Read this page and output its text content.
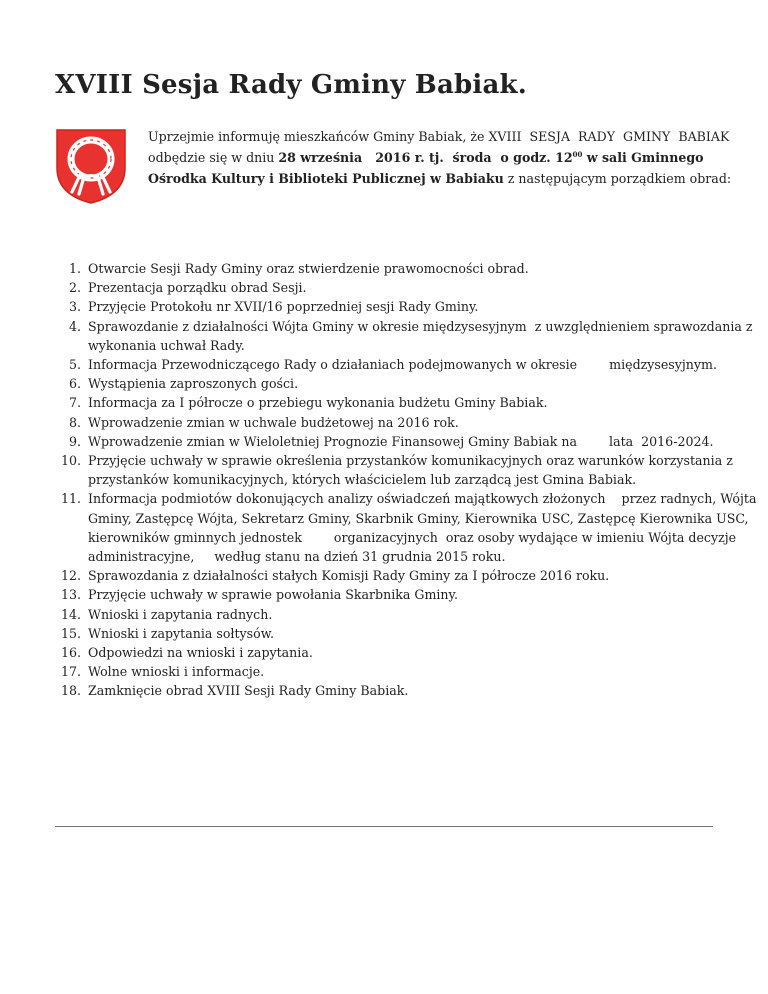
XVIII Sesja Rady Gminy Babiak.
Uprzejmie informuję mieszkańców Gminy Babiak, że XVIII  SESJA  RADY  GMINY  BABIAK
odbędzie się w dniu 28 września   2016 r. tj.  środa  o godz. $12^{00}$ w sali Gminnego
Ośrodka Kultury i Biblioteki Publicznej w Babiaku z następującym porządkiem obrad:
1. Otwarcie Sesji Rady Gminy oraz stwierdzenie prawomocności obrad.
2. Prezentacja porządku obrad Sesji.
3. Przyjęcie Protokołu nr XVII/16 poprzedniej sesji Rady Gminy.
4. Sprawozdanie z działalności Wójta Gminy w okresie międzysesyjnym  z uwzględnieniem sprawozdania z
wykonania uchwał Rady.
5. Informacja Przewodniczącego Rady o działaniach podejmowanych w okresie        międzysesyjnym.
6. Wystąpienia zaproszonych gości.
7. Informacja za I półrocze o przebiegu wykonania budżetu Gminy Babiak.
8. Wprowadzenie zmian w uchwale budżetowej na 2016 rok.
9. Wprowadzenie zmian w Wieloletniej Prognozie Finansowej Gminy Babiak na        lata  2016-2024.
10. Przyjęcie uchwały w sprawie określenia przystanków komunikacyjnych oraz warunków korzystania z
przystanków komunikacyjnych, których właścicielem lub zarządcą jest Gmina Babiak.
11. Informacja podmiotów dokonujących analizy oświadczeń majątkowych złożonych    przez radnych, Wójta
Gminy, Zastępcę Wójta, Sekretarz Gminy, Skarbnik Gminy, Kierownika USC, Zastępcę Kierownika USC,
kierowników gminnych jednostek        organizacyjnych  oraz osoby wydające w imieniu Wójta decyzje
administracyjne,     według stanu na dzień 31 grudnia 2015 roku.
12. Sprawozdania z działalności stałych Komisji Rady Gminy za I półrocze 2016 roku.
13. Przyjęcie uchwały w sprawie powołania Skarbnika Gminy.
14. Wnioski i zapytania radnych.
15. Wnioski i zapytania sołtysów.
16. Odpowiedzi na wnioski i zapytania.
17. Wolne wnioski i informacje.
18. Zamknięcie obrad XVIII Sesji Rady Gminy Babiak.
